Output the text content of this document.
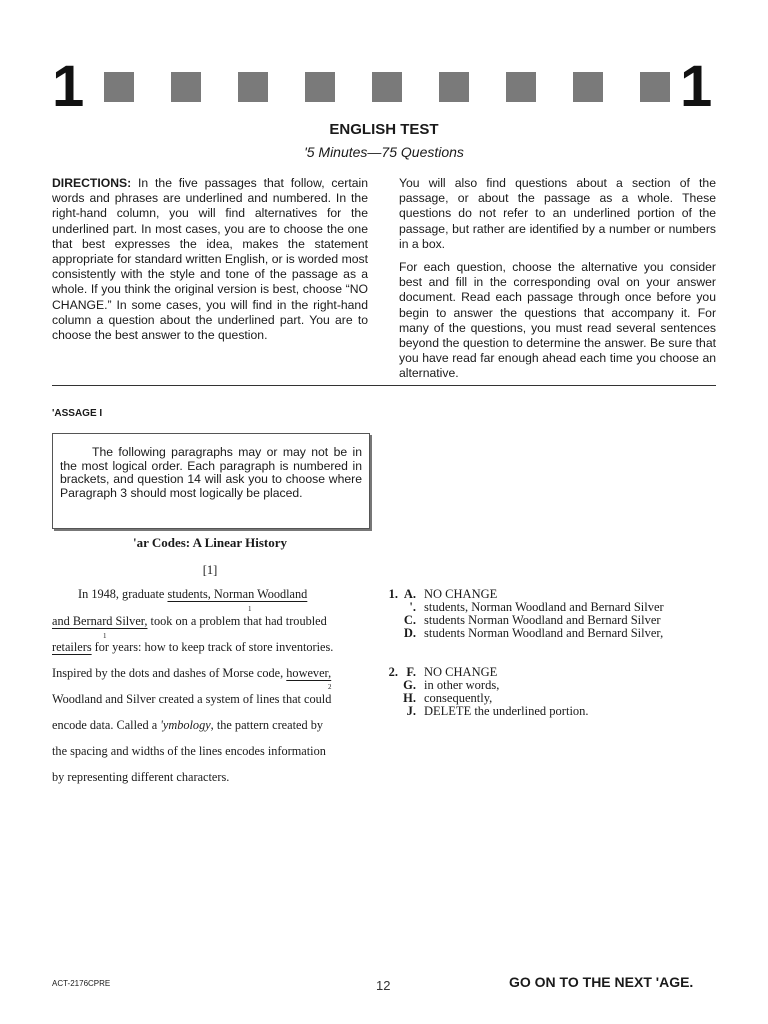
1	1
ENGLISH TEST
'5 Minutes—75 Questions

DIRECTIONS: In the five passages that follow, certain words and phrases are underlined and numbered. In the right-hand column, you will find alternatives for the underlined part. In most cases, you are to choose the one that best expresses the idea, makes the statement appropriate for standard written English, or is worded most consistently with the style and tone of the passage as a whole. If you think the original version is best, choose “NO CHANGE.” In some cases, you will find in the right-hand column a question about the underlined part. You are to choose the best answer to the question.

You will also find questions about a section of the passage, or about the passage as a whole. These questions do not refer to an underlined portion of the passage, but rather are identified by a number or numbers in a box.

For each question, choose the alternative you consider best and fill in the corresponding oval on your answer document. Read each passage through once before you begin to answer the questions that accompany it. For many of the questions, you must read several sentences beyond the question to determine the answer. Be sure that you have read far enough ahead each time you choose an alternative.

'ASSAGE I
The following paragraphs may or may not be in the most logical order. Each paragraph is numbered in brackets, and question 14 will ask you to choose where Paragraph 3 should most logically be placed.
'ar Codes: A Linear History
[1]
In 1948, graduate students, Norman Woodland
1
and Bernard Silver, took on a problem that had troubled
retailers for years: how to keep track of store inventories.
1
Inspired by the dots and dashes of Morse code, however,
2
Woodland and Silver created a system of lines that could
encode data. Called a 'ymbology, the pattern created by
the spacing and widths of the lines encodes information
by representing different characters.
1. A. NO CHANGE
'. students, Norman Woodland and Bernard Silver
C. students Norman Woodland and Bernard Silver
D. students Norman Woodland and Bernard Silver,
2. F. NO CHANGE
G. in other words,
H. consequently,
J. DELETE the underlined portion.
ACT-2176CPRE	12	GO ON TO THE NEXT 'AGE.
